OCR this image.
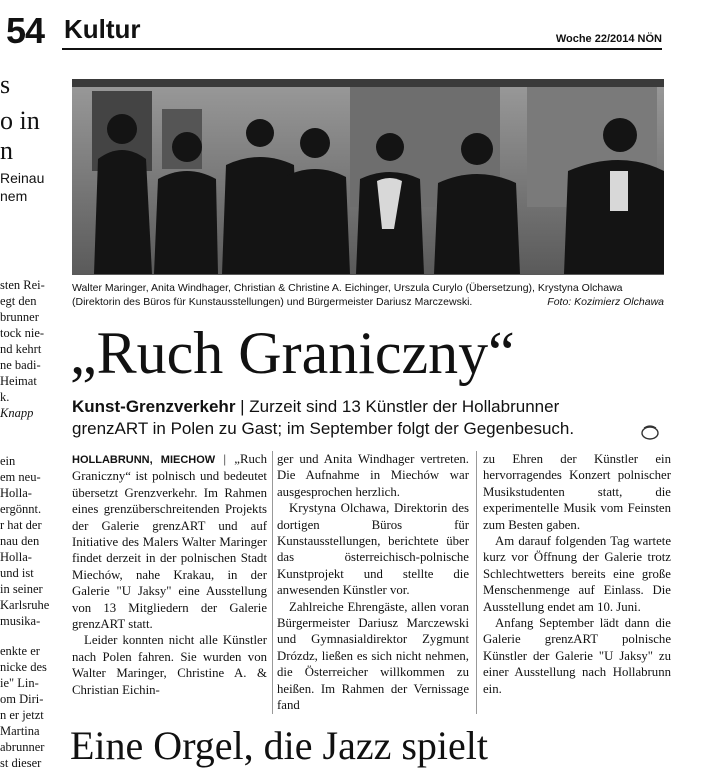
54 Kultur	Woche 22/2014 NÖN
s
o in
n
Reinau
nem
sten Rei-
egt den
brunner
tock nie-
nd kehrt
ne badi-
Heimat
k.
Knapp
ein
em neu-
Holla-
ergönnt.
r hat der
nau den
Holla-
und ist
in seiner
Karlsruhe
musika-
enkte er
nicke des
ie" Lin-
om Diri-
n er jetzt
Martina
abrunner
st dieser
Walter Maringer, Anita Windhager, Christian & Christine A. Eichinger, Urszula Curylo (Übersetzung), Krystyna Olchawa (Direktorin des Büros für Kunstausstellungen) und Bürgermeister Dariusz Marczewski.	Foto: Kozimierz Olchawa
„Ruch Graniczny“
Kunst-Grenzverkehr | Zurzeit sind 13 Künstler der Hollabrunner grenzART in Polen zu Gast; im September folgt der Gegenbesuch.

HOLLABRUNN, MIECHOW | „Ruch Graniczny“ ist polnisch und bedeutet übersetzt Grenzverkehr. Im Rahmen eines grenzüberschreitenden Projekts der Galerie grenzART und auf Initiative des Malers Walter Maringer findet derzeit in der polnischen Stadt Miechów, nahe Krakau, in der Galerie "U Jaksy" eine Ausstellung von 13 Mitgliedern der Galerie grenzART statt.

Leider konnten nicht alle Künstler nach Polen fahren. Sie wurden von Walter Maringer, Christine A. & Christian Eichin-

ger und Anita Windhager vertreten. Die Aufnahme in Miechów war ausgesprochen herzlich.

Krystyna Olchawa, Direktorin des dortigen Büros für Kunstausstellungen, berichtete über das österreichisch-polnische Kunstprojekt und stellte die anwesenden Künstler vor.

Zahlreiche Ehrengäste, allen voran Bürgermeister Dariusz Marczewski und Gymnasialdirektor Zygmunt Drózdz, ließen es sich nicht nehmen, die Österreicher willkommen zu heißen. Im Rahmen der Vernissage fand

zu Ehren der Künstler ein hervorragendes Konzert polnischer Musikstudenten statt, die experimentelle Musik vom Feinsten zum Besten gaben.

Am darauf folgenden Tag wartete kurz vor Öffnung der Galerie trotz Schlechtwetters bereits eine große Menschenmenge auf Einlass. Die Ausstellung endet am 10. Juni.

Anfang September lädt dann die Galerie grenzART polnische Künstler der Galerie "U Jaksy" zu einer Ausstellung nach Hollabrunn ein.

Eine Orgel, die Jazz spielt
